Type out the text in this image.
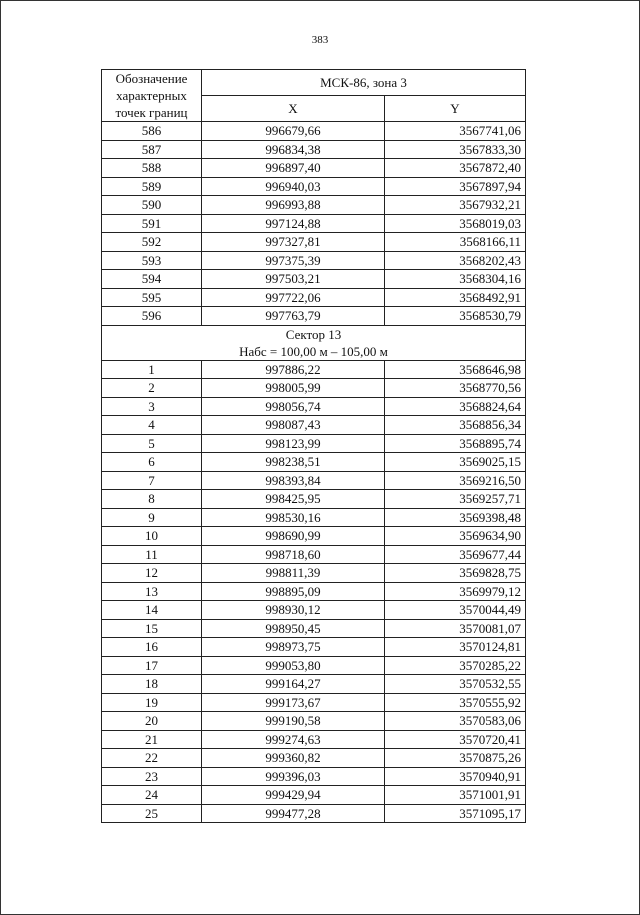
383
Обозначение
характерных
точек границ	МСК-86, зона 3	
	X	Y
586	996679,66	3567741,06
587	996834,38	3567833,30
588	996897,40	3567872,40
589	996940,03	3567897,94
590	996993,88	3567932,21
591	997124,88	3568019,03
592	997327,81	3568166,11
593	997375,39	3568202,43
594	997503,21	3568304,16
595	997722,06	3568492,91
596	997763,79	3568530,79

Сектор 13
Набс = 100,00 м – 105,00 м		

1	997886,22	3568646,98
2	998005,99	3568770,56
3	998056,74	3568824,64
4	998087,43	3568856,34
5	998123,99	3568895,74
6	998238,51	3569025,15
7	998393,84	3569216,50
8	998425,95	3569257,71
9	998530,16	3569398,48
10	998690,99	3569634,90
11	998718,60	3569677,44
12	998811,39	3569828,75
13	998895,09	3569979,12
14	998930,12	3570044,49
15	998950,45	3570081,07
16	998973,75	3570124,81
17	999053,80	3570285,22
18	999164,27	3570532,55
19	999173,67	3570555,92
20	999190,58	3570583,06
21	999274,63	3570720,41
22	999360,82	3570875,26
23	999396,03	3570940,91
24	999429,94	3571001,91
25	999477,28	3571095,17
